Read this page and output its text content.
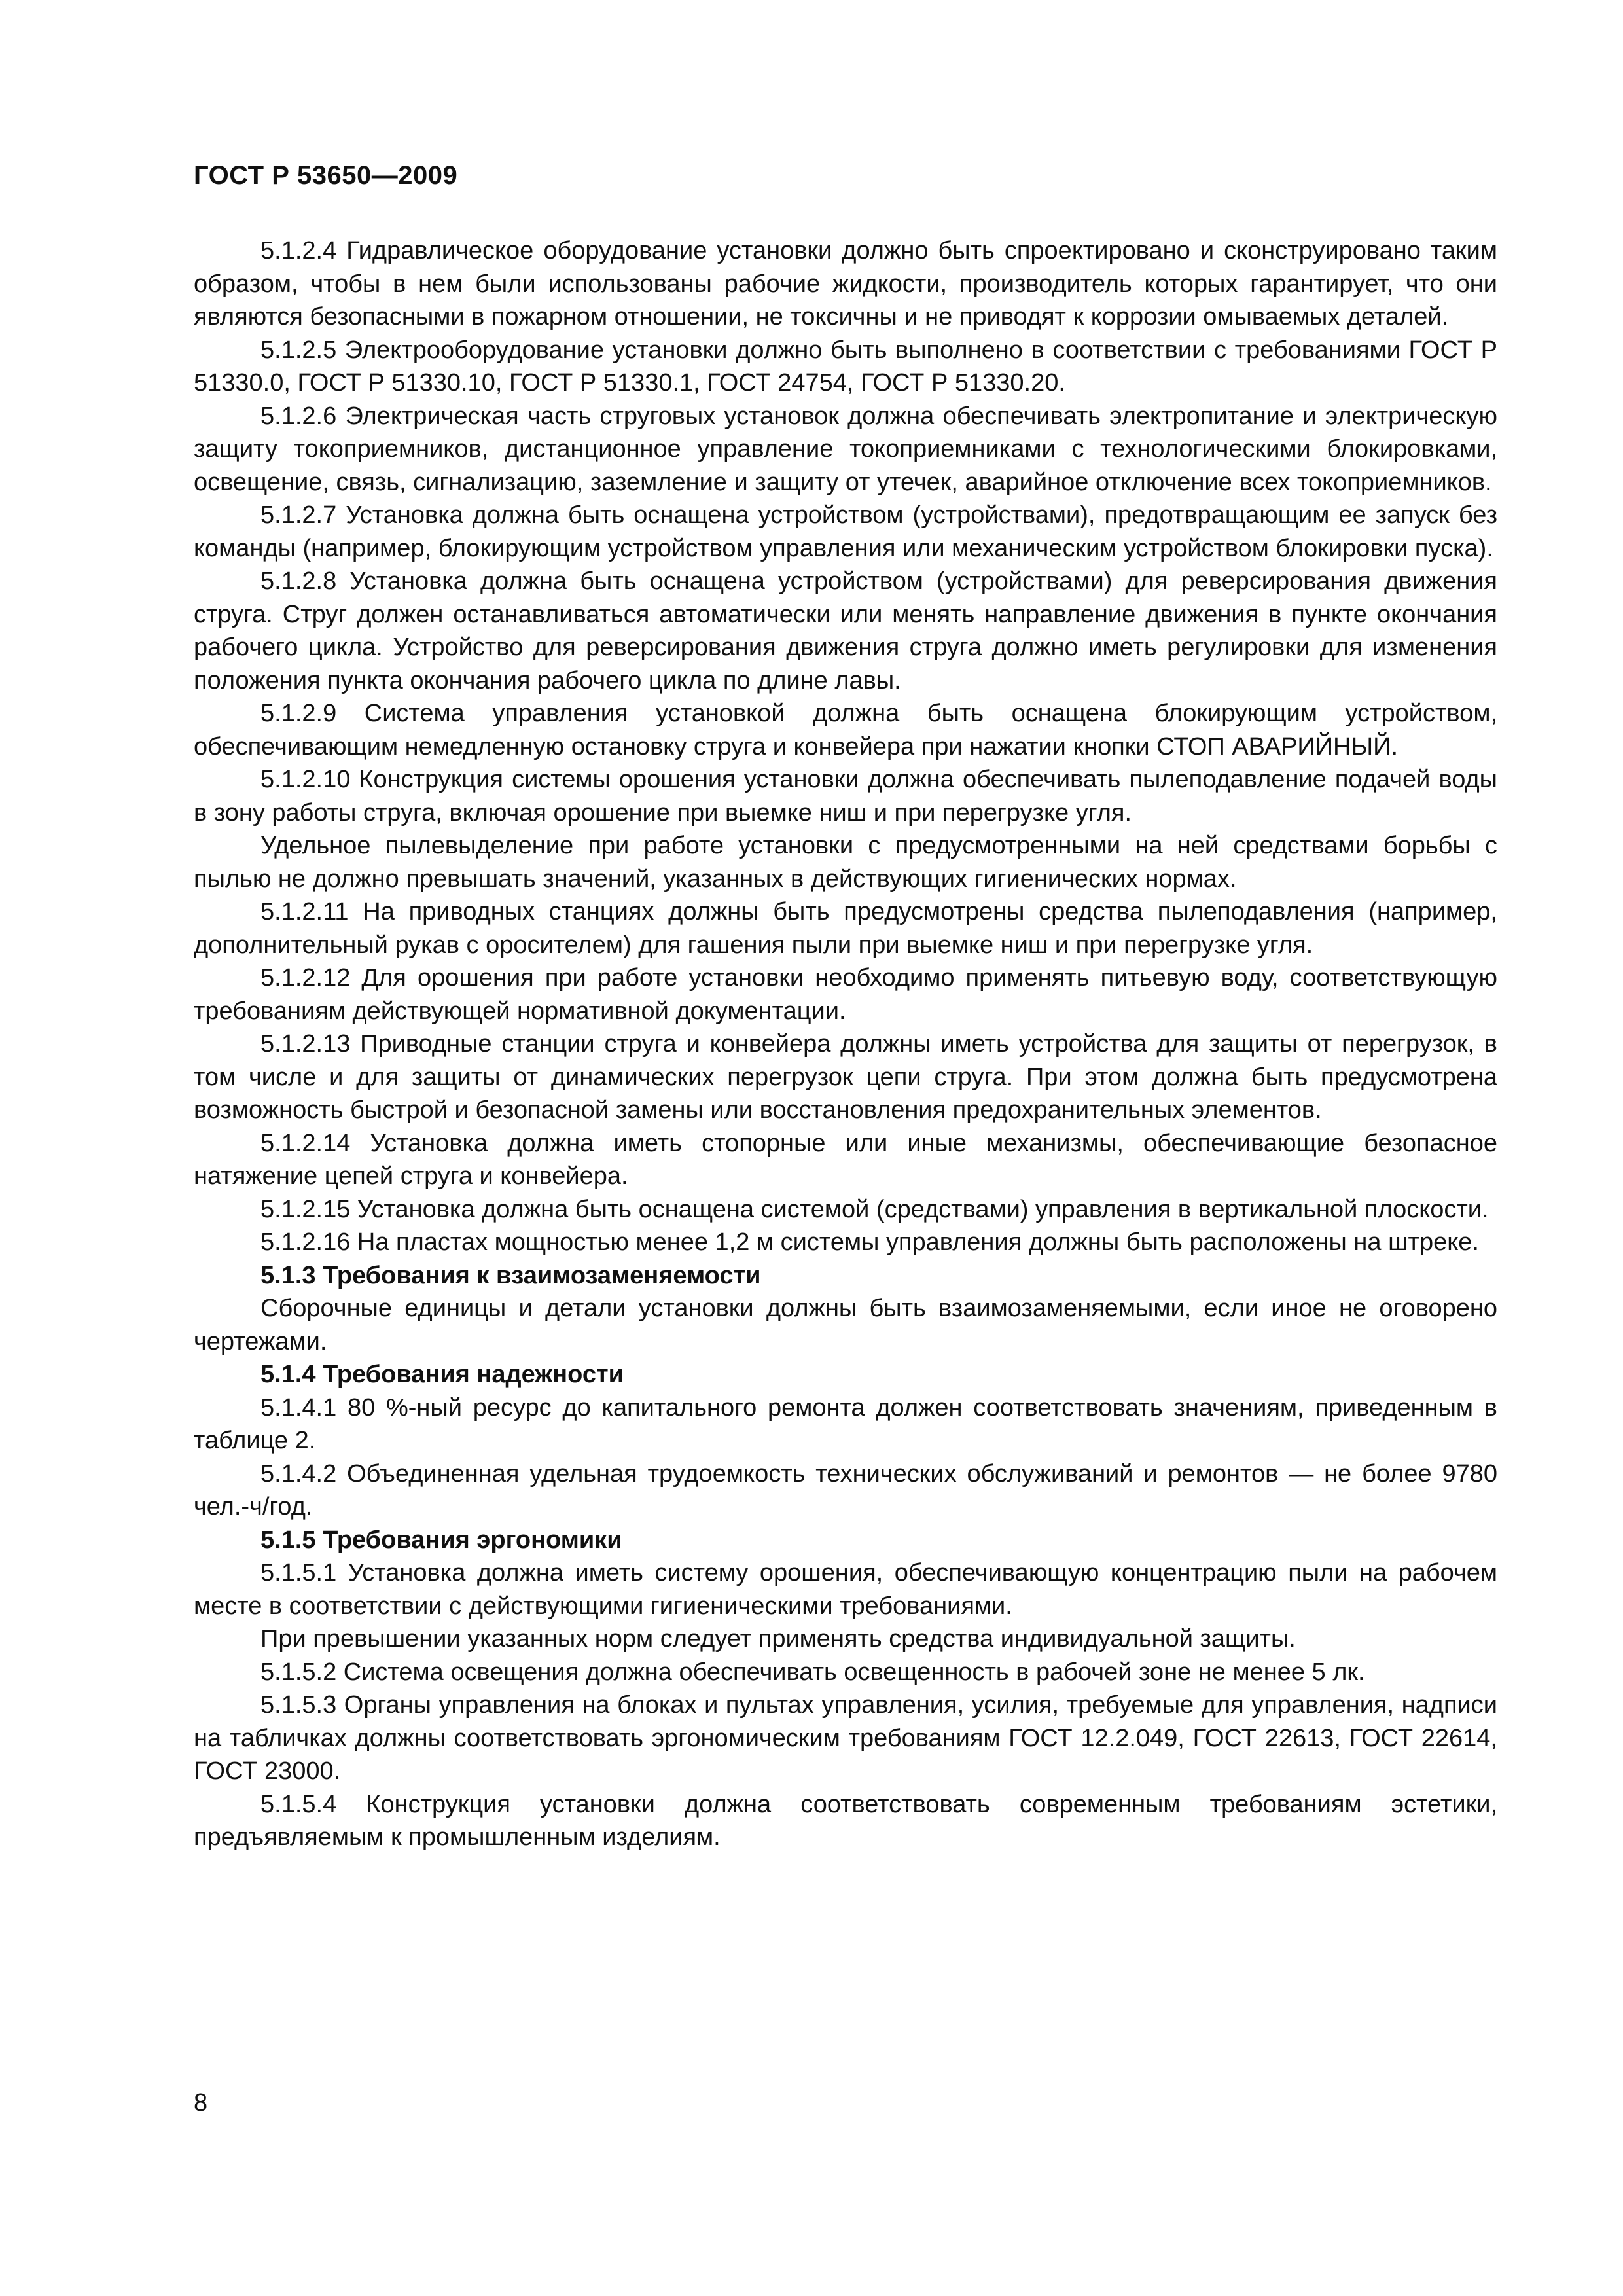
ГОСТ Р 53650—2009

5.1.2.4 Гидравлическое оборудование установки должно быть спроектировано и сконструировано таким образом, чтобы в нем были использованы рабочие жидкости, производитель которых гарантирует, что они являются безопасными в пожарном отношении, не токсичны и не приводят к коррозии омываемых деталей.

5.1.2.5 Электрооборудование установки должно быть выполнено в соответствии с требованиями ГОСТ Р 51330.0, ГОСТ Р 51330.10, ГОСТ Р 51330.1, ГОСТ 24754, ГОСТ Р 51330.20.

5.1.2.6 Электрическая часть струговых установок должна обеспечивать электропитание и электрическую защиту токоприемников, дистанционное управление токоприемниками с технологическими блокировками, освещение, связь, сигнализацию, заземление и защиту от утечек, аварийное отключение всех токоприемников.

5.1.2.7 Установка должна быть оснащена устройством (устройствами), предотвращающим ее запуск без команды (например, блокирующим устройством управления или механическим устройством блокировки пуска).

5.1.2.8 Установка должна быть оснащена устройством (устройствами) для реверсирования движения струга. Струг должен останавливаться автоматически или менять направление движения в пункте окончания рабочего цикла. Устройство для реверсирования движения струга должно иметь регулировки для изменения положения пункта окончания рабочего цикла по длине лавы.

5.1.2.9 Система управления установкой должна быть оснащена блокирующим устройством, обеспечивающим немедленную остановку струга и конвейера при нажатии кнопки СТОП АВАРИЙНЫЙ.

5.1.2.10 Конструкция системы орошения установки должна обеспечивать пылеподавление подачей воды в зону работы струга, включая орошение при выемке ниш и при перегрузке угля.

Удельное пылевыделение при работе установки с предусмотренными на ней средствами борьбы с пылью не должно превышать значений, указанных в действующих гигиенических нормах.

5.1.2.11 На приводных станциях должны быть предусмотрены средства пылеподавления (например, дополнительный рукав с оросителем) для гашения пыли при выемке ниш и при перегрузке угля.

5.1.2.12 Для орошения при работе установки необходимо применять питьевую воду, соответствующую требованиям действующей нормативной документации.

5.1.2.13 Приводные станции струга и конвейера должны иметь устройства для защиты от перегрузок, в том числе и для защиты от динамических перегрузок цепи струга. При этом должна быть предусмотрена возможность быстрой и безопасной замены или восстановления предохранительных элементов.

5.1.2.14 Установка должна иметь стопорные или иные механизмы, обеспечивающие безопасное натяжение цепей струга и конвейера.

5.1.2.15 Установка должна быть оснащена системой (средствами) управления в вертикальной плоскости.

5.1.2.16 На пластах мощностью менее 1,2 м системы управления должны быть расположены на штреке.

5.1.3 Требования к взаимозаменяемости

Сборочные единицы и детали установки должны быть взаимозаменяемыми, если иное не оговорено чертежами.

5.1.4 Требования надежности

5.1.4.1 80 %-ный ресурс до капитального ремонта должен соответствовать значениям, приведенным в таблице 2.

5.1.4.2 Объединенная удельная трудоемкость технических обслуживаний и ремонтов — не более 9780 чел.-ч/год.

5.1.5 Требования эргономики

5.1.5.1 Установка должна иметь систему орошения, обеспечивающую концентрацию пыли на рабочем месте в соответствии с действующими гигиеническими требованиями.

При превышении указанных норм следует применять средства индивидуальной защиты.

5.1.5.2 Система освещения должна обеспечивать освещенность в рабочей зоне не менее 5 лк.

5.1.5.3 Органы управления на блоках и пультах управления, усилия, требуемые для управления, надписи на табличках должны соответствовать эргономическим требованиям ГОСТ 12.2.049, ГОСТ 22613, ГОСТ 22614, ГОСТ 23000.

5.1.5.4 Конструкция установки должна соответствовать современным требованиям эстетики, предъявляемым к промышленным изделиям.

8
